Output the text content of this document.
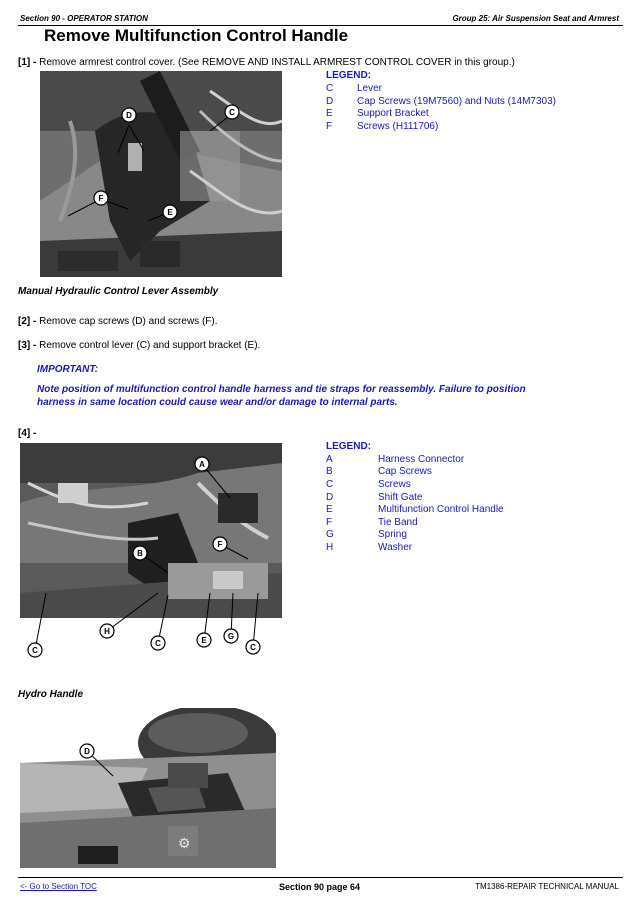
Section 90 - OPERATOR STATION	Group 25: Air Suspension Seat and Armrest
Remove Multifunction Control Handle
[1] - Remove armrest control cover. (See REMOVE AND INSTALL ARMREST CONTROL COVER in this group.)
D	C
F
E
LEGEND:
C Lever
D Cap Screws (19M7560) and Nuts (14M7303)
E Support Bracket
F Screws (H111706)
Manual Hydraulic Control Lever Assembly
[2] - Remove cap screws (D) and screws (F).
[3] - Remove control lever (C) and support bracket (E).
IMPORTANT:
Note position of multifunction control handle harness and tie straps for reassembly. Failure to position
harness in same location could cause wear and/or damage to internal parts.
[4] -
A
B
F
C
H
C	E	G
C
LEGEND:
A	Harness Connector
B	Cap Screws
C	Screws
D	Shift Gate
E	Multifunction Control Handle
F	Tie Band
G	Spring
H	Washer
Hydro Handle
⚙
D
<- Go to Section TOC	Section 90 page 64	TM1386-REPAIR TECHNICAL MANUAL
